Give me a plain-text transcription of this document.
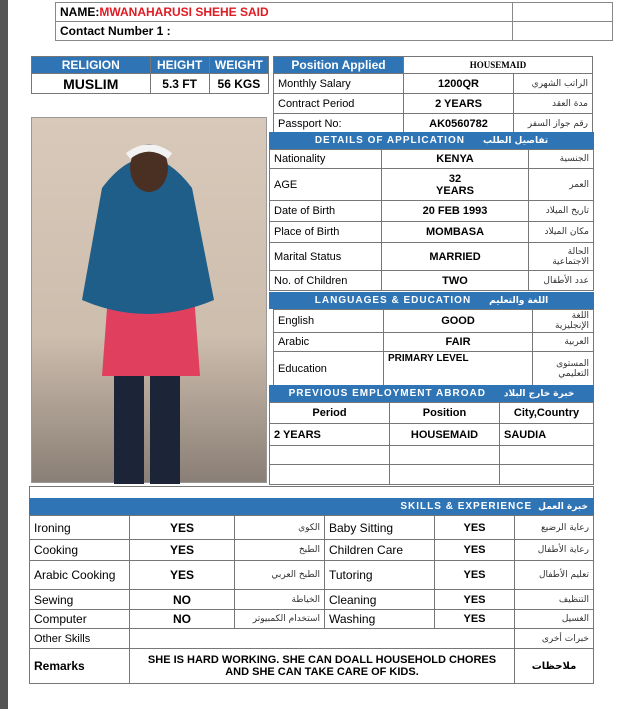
NAME:MWANAHARUSI SHEHE SAID	
Contact Number 1 :	
RELIGION	HEIGHT	WEIGHT
MUSLIM	5.3 FT	56 KGS
Position Applied	HOUSEMAID	
Monthly Salary	1200QR	الراتب الشهري
Contract Period	2 YEARS	مدة العقد
Passport No:	AK0560782	رقم جواز السفر
DETAILS OF APPLICATION تفاصيل الطلب
Nationality	KENYA	الجنسية
AGE	32 YEARS	العمر
Date of Birth	20 FEB 1993	تاريخ الميلاد
Place of Birth	MOMBASA	مكان الميلاد
Marital Status	MARRIED	الحالة الاجتماعية
No. of Children	TWO	عدد الأطفال
LANGUAGES & EDUCATION اللغة والتعليم
English	GOOD	اللغة الإنجليزية
Arabic	FAIR	العربية
Education	PRIMARY LEVEL	المستوى التعليمي
PREVIOUS EMPLOYMENT ABROAD خبرة خارج البلاد
Period	Position	City,Country
2 YEARS	HOUSEMAID	SAUDIA

SKILLS & EXPERIENCE خبرة العمل
Ironing	YES	الكوي	Baby Sitting	YES	رعاية الرضيع
Cooking	YES	الطبخ	Children Care	YES	رعاية الأطفال
Arabic Cooking	YES	الطبخ العربي	Tutoring	YES	تعليم الأطفال
Sewing	NO	الخياطة	Cleaning	YES	التنظيف
Computer	NO	استخدام الكمبيوتر	Washing	YES	الغسيل
Other Skills					خبرات أخرى
Remarks	SHE IS HARD WORKING. SHE CAN DOALL HOUSEHOLD CHORES AND SHE CAN TAKE CARE OF KIDS.				ملاحظات
